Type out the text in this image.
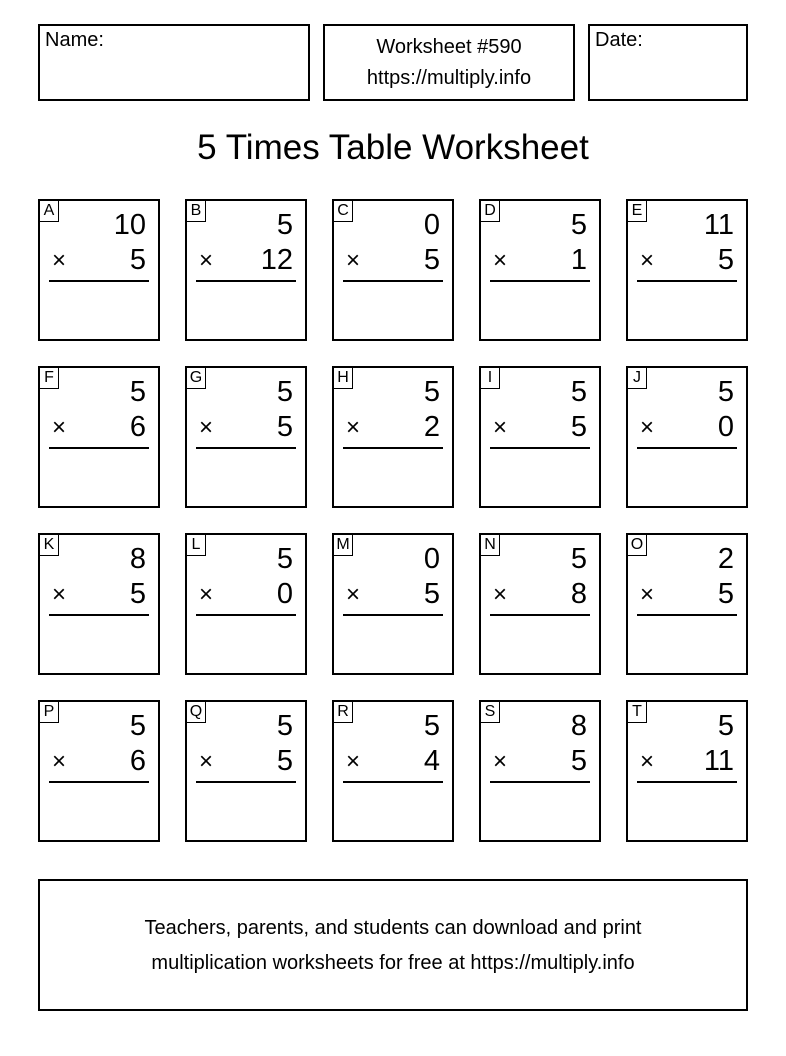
Name:	Worksheet #590
https://multiply.info
Date:
5 Times Table Worksheet
A 10
× 5
B	5
× 12
C	0
× 5
D	5
× 1
E 11
× 5
F	5
× 6
G	5
× 5
H	5
× 2
I	5
× 5
J	5
× 0
K	8
× 5
L	5
× 0
M	0
× 5
N	5
× 8
O	2
× 5
P	5
× 6
Q	5
× 5
R	5
× 4
S	8
× 5
T	5
× 11
Teachers, parents, and students can download and print
multiplication worksheets for free at https://multiply.info
